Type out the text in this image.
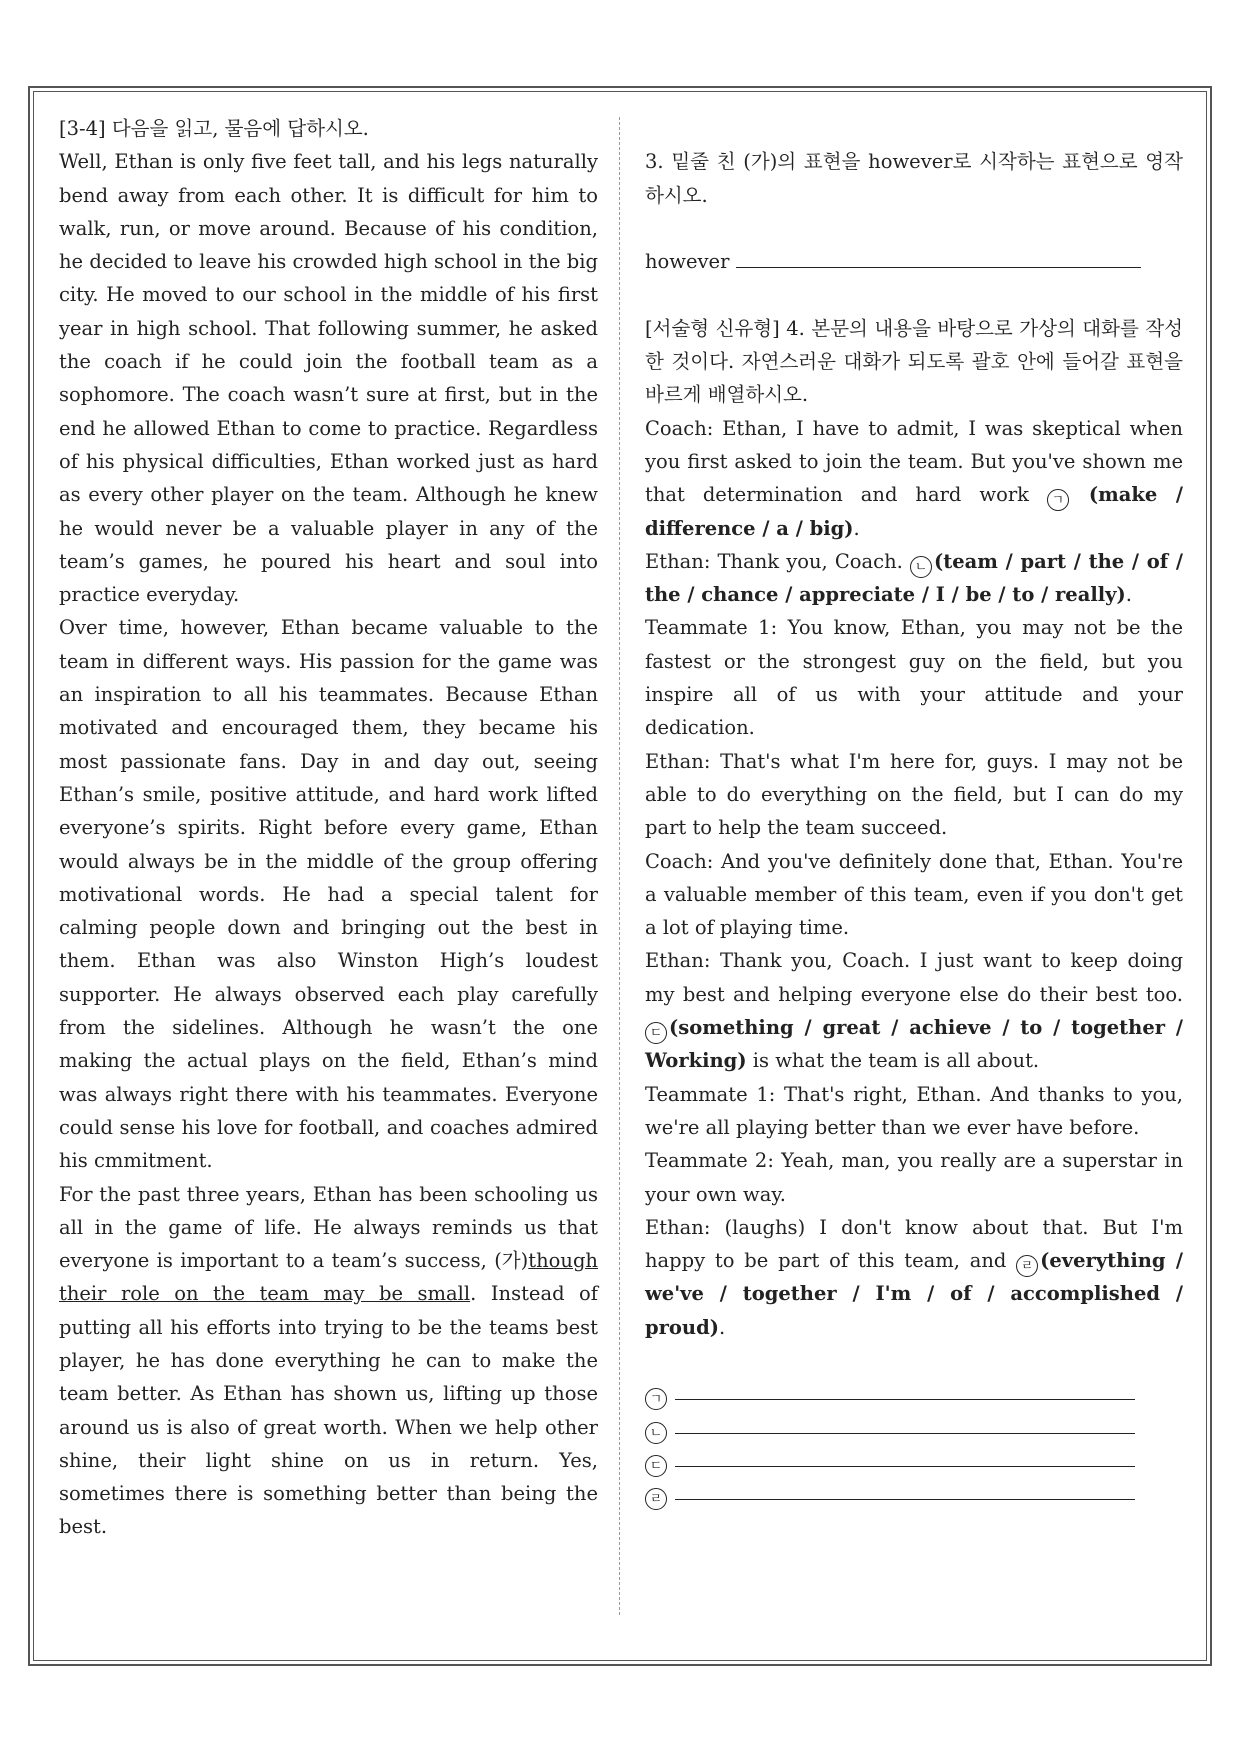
[3-4] 다음을 읽고, 물음에 답하시오.

Well, Ethan is only five feet tall, and his legs naturally bend away from each other. It is difficult for him to walk, run, or move around. Because of his condition, he decided to leave his crowded high school in the big city. He moved to our school in the middle of his first year in high school. That following summer, he asked the coach if he could join the football team as a sophomore. The coach wasn’t sure at first, but in the end he allowed Ethan to come to practice. Regardless of his physical difficulties, Ethan worked just as hard as every other player on the team. Although he knew he would never be a valuable player in any of the team’s games, he poured his heart and soul into practice everyday.

Over time, however, Ethan became valuable to the team in different ways. His passion for the game was an inspiration to all his teammates. Because Ethan motivated and encouraged them, they became his most passionate fans. Day in and day out, seeing Ethan’s smile, positive attitude, and hard work lifted everyone’s spirits. Right before every game, Ethan would always be in the middle of the group offering motivational words. He had a special talent for calming people down and bringing out the best in them. Ethan was also Winston High’s loudest supporter. He always observed each play carefully from the sidelines. Although he wasn’t the one making the actual plays on the field, Ethan’s mind was always right there with his teammates. Everyone could sense his love for football, and coaches admired his cmmitment.

For the past three years, Ethan has been schooling us all in the game of life. He always reminds us that everyone is important to a team’s success, (가)though their role on the team may be small. Instead of putting all his efforts into trying to be the teams best player, he has done everything he can to make the team better. As Ethan has shown us, lifting up those around us is also of great worth. When we help other shine, their light shine on us in return. Yes, sometimes there is something better than being the best.

3. 밑줄 친 (가)의 표현을 however로 시작하는 표현으로 영작하시오.

however

[서술형 신유형] 4. 본문의 내용을 바탕으로 가상의 대화를 작성한 것이다. 자연스러운 대화가 되도록 괄호 안에 들어갈 표현을 바르게 배열하시오.

Coach: Ethan, I have to admit, I was skeptical when you first asked to join the team. But you've shown me that determination and hard work ㄱ (make / difference / a / big).

Ethan: Thank you, Coach. ㄴ (team / part / the / of / the / chance / appreciate / I / be / to / really).

Teammate 1: You know, Ethan, you may not be the fastest or the strongest guy on the field, but you inspire all of us with your attitude and your dedication.

Ethan: That's what I'm here for, guys. I may not be able to do everything on the field, but I can do my part to help the team succeed.

Coach: And you've definitely done that, Ethan. You're a valuable member of this team, even if you don't get a lot of playing time.

Ethan: Thank you, Coach. I just want to keep doing my best and helping everyone else do their best too. ㄷ (something / great / achieve / to / together / Working) is what the team is all about.

Teammate 1: That's right, Ethan. And thanks to you, we're all playing better than we ever have before.

Teammate 2: Yeah, man, you really are a superstar in your own way.

Ethan: (laughs) I don't know about that. But I'm happy to be part of this team, and ㄹ (everything / we've / together / I'm / of / accomplished / proud).

ㄱ

ㄴ

ㄷ

ㄹ
